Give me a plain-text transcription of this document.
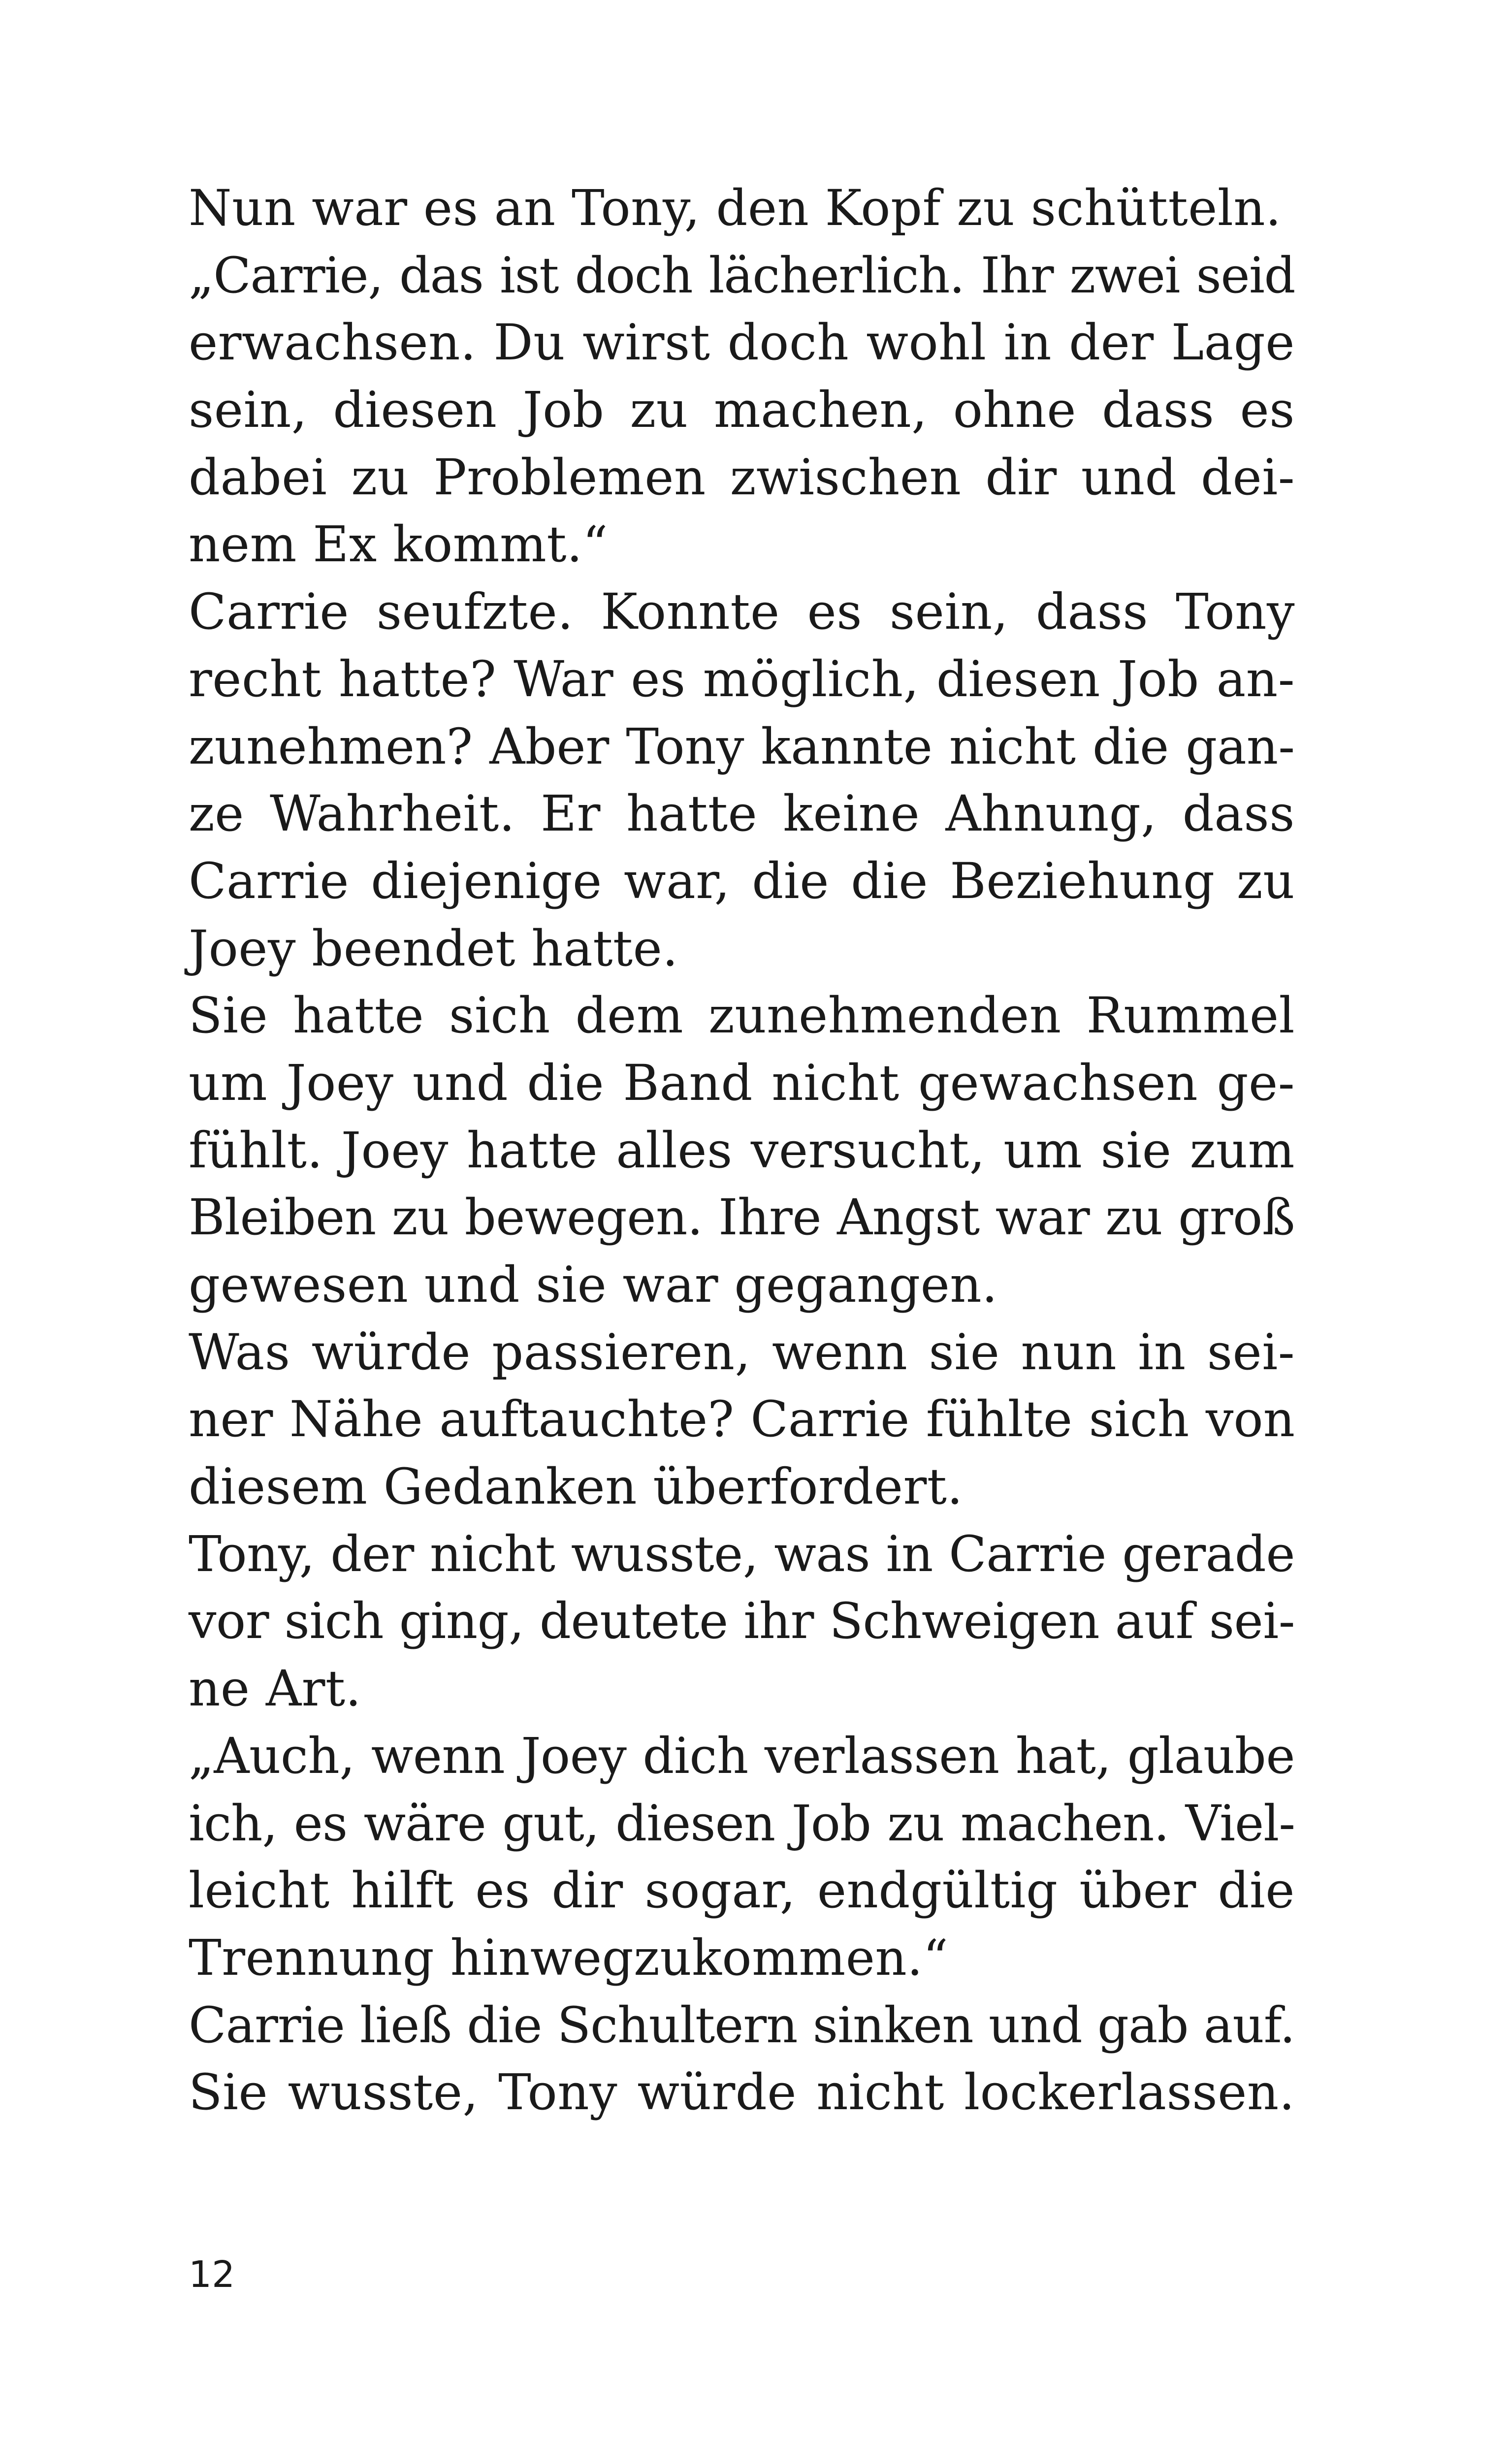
Nun war es an Tony, den Kopf zu schütteln.
„Carrie, das ist doch lächerlich. Ihr zwei seid
erwachsen. Du wirst doch wohl in der Lage
sein, diesen Job zu machen, ohne dass es
dabei zu Problemen zwischen dir und dei-
nem Ex kommt.“
Carrie seufzte. Konnte es sein, dass Tony
recht hatte? War es möglich, diesen Job an-
zunehmen? Aber Tony kannte nicht die gan-
ze Wahrheit. Er hatte keine Ahnung, dass
Carrie diejenige war, die die Beziehung zu
Joey beendet hatte.
Sie hatte sich dem zunehmenden Rummel
um Joey und die Band nicht gewachsen ge-
fühlt. Joey hatte alles versucht, um sie zum
Bleiben zu bewegen. Ihre Angst war zu groß
gewesen und sie war gegangen.
Was würde passieren, wenn sie nun in sei-
ner Nähe auftauchte? Carrie fühlte sich von
diesem Gedanken überfordert.
Tony, der nicht wusste, was in Carrie gerade
vor sich ging, deutete ihr Schweigen auf sei-
ne Art.
„Auch, wenn Joey dich verlassen hat, glaube
ich, es wäre gut, diesen Job zu machen. Viel-
leicht hilft es dir sogar, endgültig über die
Trennung hinwegzukommen.“
Carrie ließ die Schultern sinken und gab auf.
Sie wusste, Tony würde nicht lockerlassen.
12
